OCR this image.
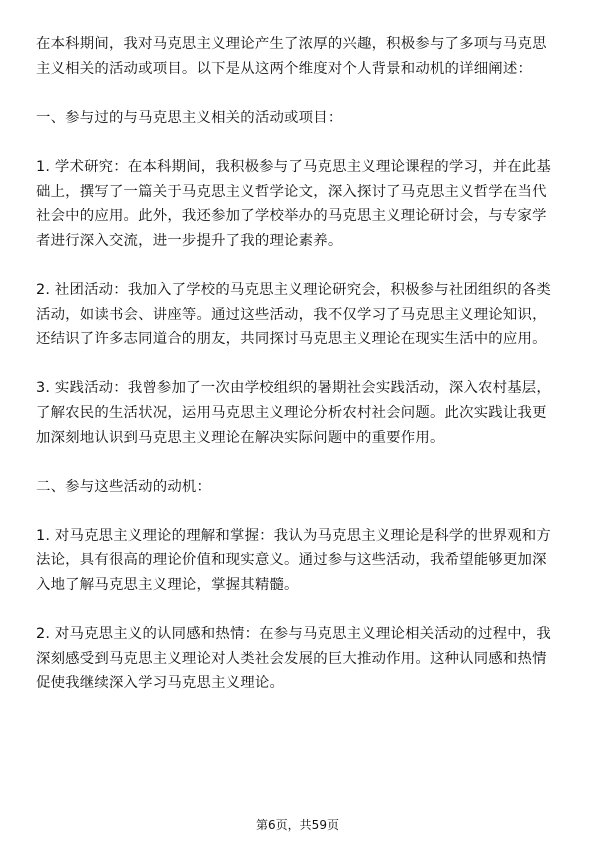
在本科期间，我对马克思主义理论产生了浓厚的兴趣，积极参与了多项与马克思主义相关的活动或项目。以下是从这两个维度对个人背景和动机的详细阐述：

一、参与过的与马克思主义相关的活动或项目：

1. 学术研究：在本科期间，我积极参与了马克思主义理论课程的学习，并在此基础上，撰写了一篇关于马克思主义哲学论文，深入探讨了马克思主义哲学在当代社会中的应用。此外，我还参加了学校举办的马克思主义理论研讨会，与专家学者进行深入交流，进一步提升了我的理论素养。

2. 社团活动：我加入了学校的马克思主义理论研究会，积极参与社团组织的各类活动，如读书会、讲座等。通过这些活动，我不仅学习了马克思主义理论知识，还结识了许多志同道合的朋友，共同探讨马克思主义理论在现实生活中的应用。

3. 实践活动：我曾参加了一次由学校组织的暑期社会实践活动，深入农村基层，了解农民的生活状况，运用马克思主义理论分析农村社会问题。此次实践让我更加深刻地认识到马克思主义理论在解决实际问题中的重要作用。

二、参与这些活动的动机：

1. 对马克思主义理论的理解和掌握：我认为马克思主义理论是科学的世界观和方法论，具有很高的理论价值和现实意义。通过参与这些活动，我希望能够更加深入地了解马克思主义理论，掌握其精髓。

2. 对马克思主义的认同感和热情：在参与马克思主义理论相关活动的过程中，我深刻感受到马克思主义理论对人类社会发展的巨大推动作用。这种认同感和热情促使我继续深入学习马克思主义理论。

第6页，共59页
